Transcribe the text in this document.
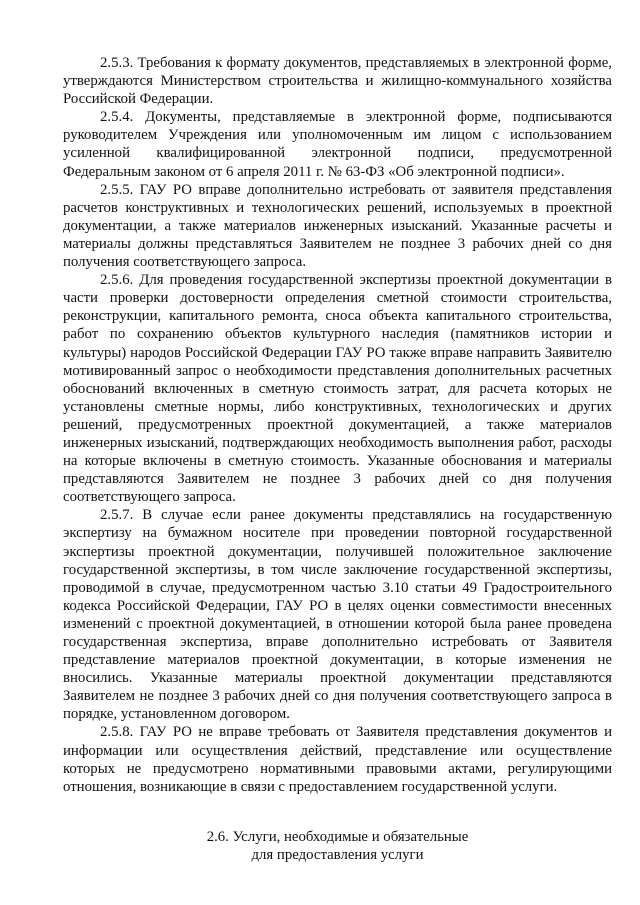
2.5.3. Требования к формату документов, представляемых в электронной форме, утверждаются Министерством строительства и жилищно-коммунального хозяйства Российской Федерации.

2.5.4. Документы, представляемые в электронной форме, подписываются руководителем Учреждения или уполномоченным им лицом с использованием усиленной квалифицированной электронной подписи, предусмотренной Федеральным законом от 6 апреля 2011 г. № 63-ФЗ «Об электронной подписи».

2.5.5. ГАУ РО вправе дополнительно истребовать от заявителя представления расчетов конструктивных и технологических решений, используемых в проектной документации, а также материалов инженерных изысканий. Указанные расчеты и материалы должны представляться Заявителем не позднее 3 рабочих дней со дня получения соответствующего запроса.

2.5.6. Для проведения государственной экспертизы проектной документации в части проверки достоверности определения сметной стоимости строительства, реконструкции, капитального ремонта, сноса объекта капитального строительства, работ по сохранению объектов культурного наследия (памятников истории и культуры) народов Российской Федерации ГАУ РО также вправе направить Заявителю мотивированный запрос о необходимости представления дополнительных расчетных обоснований включенных в сметную стоимость затрат, для расчета которых не установлены сметные нормы, либо конструктивных, технологических и других решений, предусмотренных проектной документацией, а также материалов инженерных изысканий, подтверждающих необходимость выполнения работ, расходы на которые включены в сметную стоимость. Указанные обоснования и материалы представляются Заявителем не позднее 3 рабочих дней со дня получения соответствующего запроса.

2.5.7. В случае если ранее документы представлялись на государственную экспертизу на бумажном носителе при проведении повторной государственной экспертизы проектной документации, получившей положительное заключение государственной экспертизы, в том числе заключение государственной экспертизы, проводимой в случае, предусмотренном частью 3.10 статьи 49 Градостроительного кодекса Российской Федерации, ГАУ РО в целях оценки совместимости внесенных изменений с проектной документацией, в отношении которой была ранее проведена государственная экспертиза, вправе дополнительно истребовать от Заявителя представление материалов проектной документации, в которые изменения не вносились. Указанные материалы проектной документации представляются Заявителем не позднее 3 рабочих дней со дня получения соответствующего запроса в порядке, установленном договором.

2.5.8. ГАУ РО не вправе требовать от Заявителя представления документов и информации или осуществления действий, представление или осуществление которых не предусмотрено нормативными правовыми актами, регулирующими отношения, возникающие в связи с предоставлением государственной услуги.

2.6. Услуги, необходимые и обязательные
для предоставления услуги
